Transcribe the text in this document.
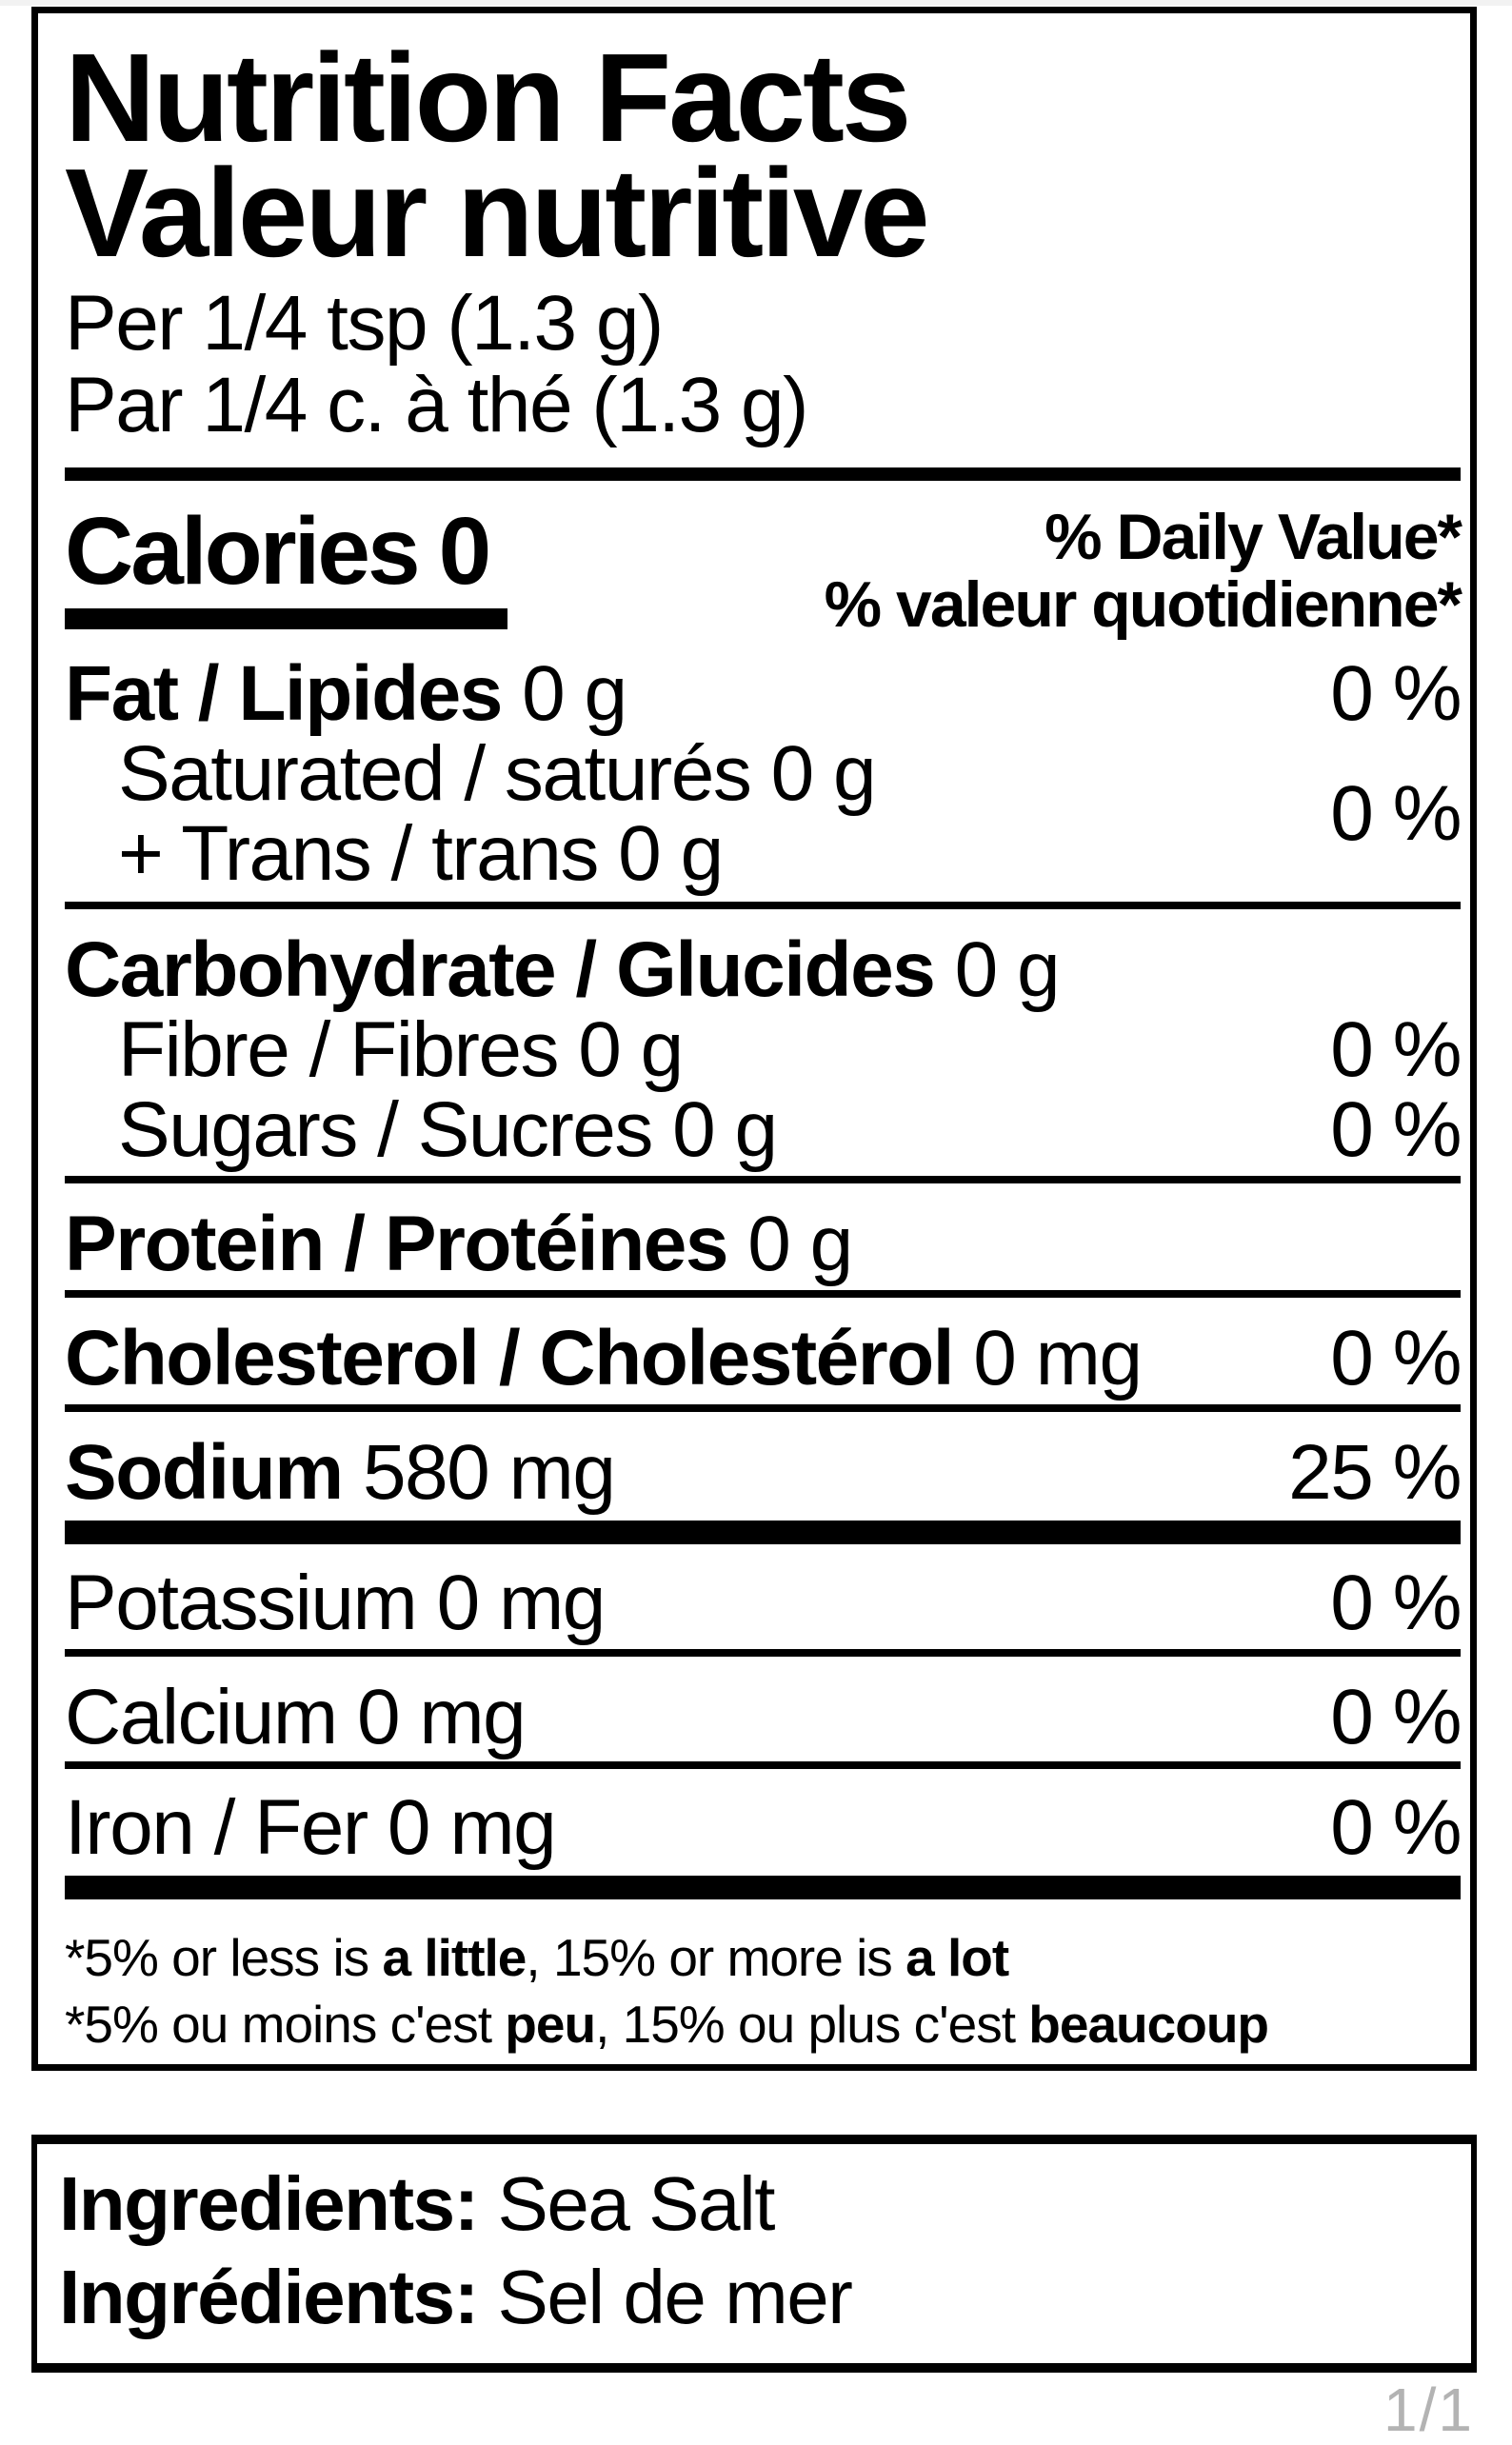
Nutrition Facts
Valeur nutritive
Per 1/4 tsp (1.3 g)
Par 1/4 c. à thé (1.3 g)
Calories 0	% Daily Value*
% valeur quotidienne*
Fat / Lipides 0 g	0 %
Saturated / saturés 0 g
+ Trans / trans 0 g	0 %
Carbohydrate / Glucides 0 g
Fibre / Fibres 0 g	0 %
Sugars / Sucres 0 g	0 %
Protein / Protéines 0 g
Cholesterol / Cholestérol 0 mg 0 %
Sodium 580 mg	25 %
Potassium 0 mg	0 %
Calcium 0 mg	0 %
Iron / Fer 0 mg	0 %
*5% or less is a little, 15% or more is a lot
*5% ou moins c'est peu, 15% ou plus c'est beaucoup
Ingredients: Sea Salt
Ingrédients: Sel de mer
1/1
